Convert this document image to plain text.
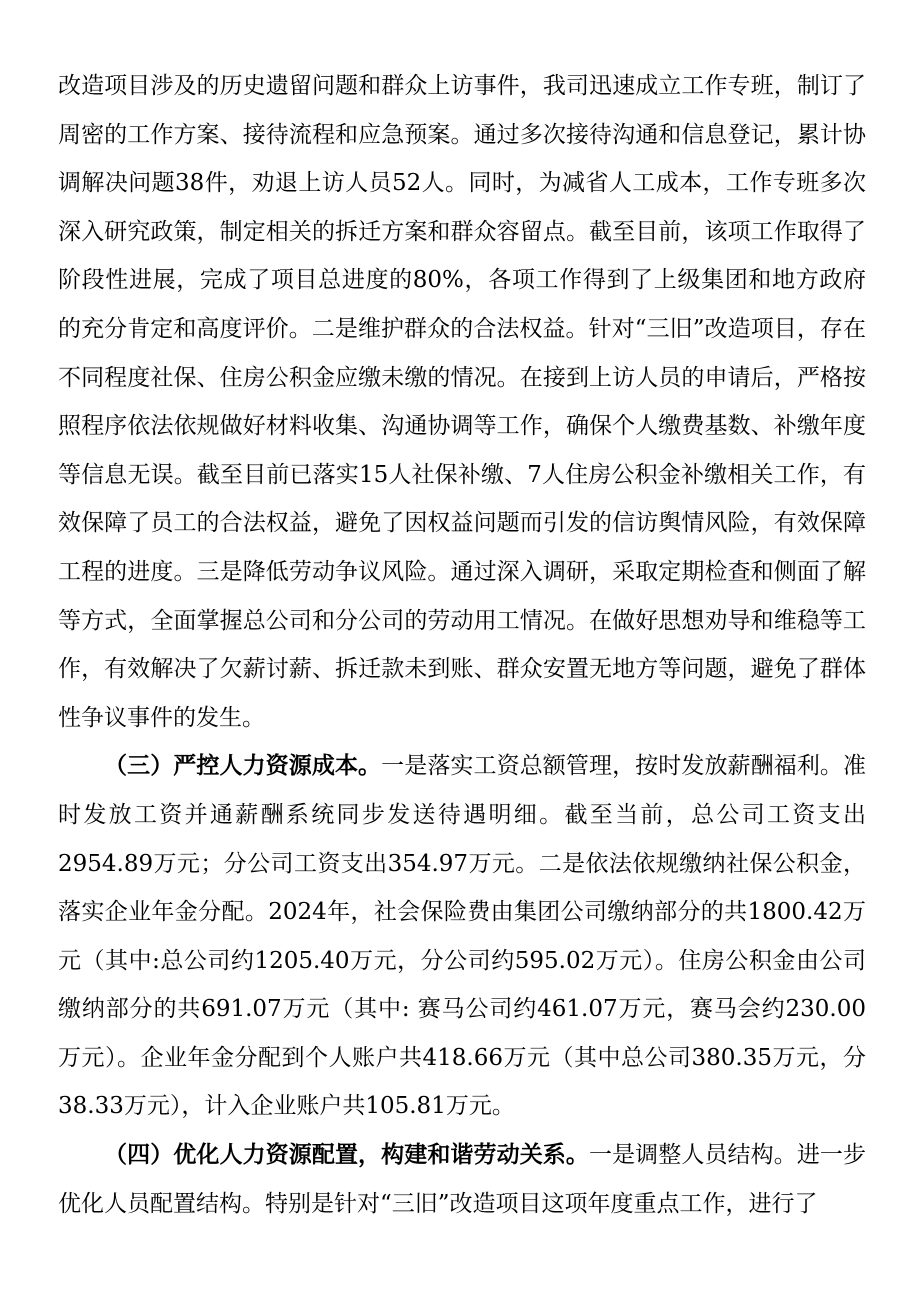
改造项目涉及的历史遗留问题和群众上访事件，我司迅速成立工作专班，制订了周密的工作方案、接待流程和应急预案。通过多次接待沟通和信息登记，累计协调解决问题38件，劝退上访人员52人。同时，为减省人工成本，工作专班多次深入研究政策，制定相关的拆迁方案和群众容留点。截至目前，该项工作取得了阶段性进展，完成了项目总进度的80%，各项工作得到了上级集团和地方政府的充分肯定和高度评价。二是维护群众的合法权益。针对“三旧”改造项目，存在不同程度社保、住房公积金应缴未缴的情况。在接到上访人员的申请后，严格按照程序依法依规做好材料收集、沟通协调等工作，确保个人缴费基数、补缴年度等信息无误。截至目前已落实15人社保补缴、7人住房公积金补缴相关工作，有效保障了员工的合法权益，避免了因权益问题而引发的信访舆情风险，有效保障工程的进度。三是降低劳动争议风险。通过深入调研，采取定期检查和侧面了解等方式，全面掌握总公司和分公司的劳动用工情况。在做好思想劝导和维稳等工作，有效解决了欠薪讨薪、拆迁款未到账、群众安置无地方等问题，避免了群体性争议事件的发生。

（三）严控人力资源成本。一是落实工资总额管理，按时发放薪酬福利。准时发放工资并通薪酬系统同步发送待遇明细。截至当前，总公司工资支出2954.89万元；分公司工资支出354.97万元。二是依法依规缴纳社保公积金，落实企业年金分配。2024年，社会保险费由集团公司缴纳部分的共1800.42万元（其中:总公司约1205.40万元，分公司约595.02万元）。住房公积金由公司缴纳部分的共691.07万元（其中: 赛马公司约461.07万元，赛马会约230.00万元）。企业年金分配到个人账户共418.66万元（其中总公司380.35万元，分38.33万元），计入企业账户共105.81万元。

（四）优化人力资源配置，构建和谐劳动关系。一是调整人员结构。进一步优化人员配置结构。特别是针对“三旧”改造项目这项年度重点工作，进行了
